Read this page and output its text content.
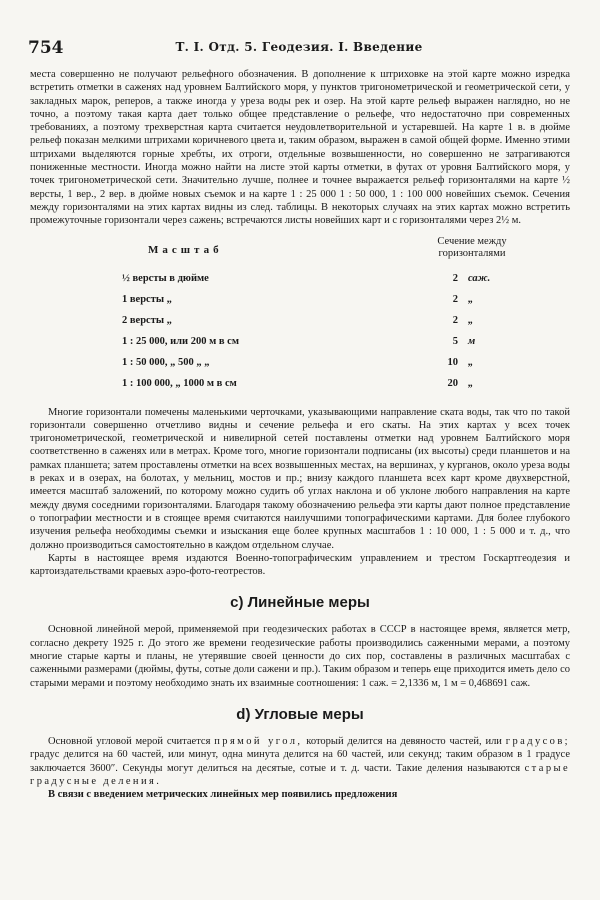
754	Т. I. Отд. 5. Геодезия. I. Введение

места совершенно не получают рельефного обозначения. В дополнение к штриховке на этой карте можно изредка встретить отметки в саженях над уровнем Балтийского моря, у пунктов тригонометрической и геометрической сети, у закладных марок, реперов, а также иногда у уреза воды рек и озер. На этой карте рельеф выражен наглядно, но не точно, а поэтому такая карта дает только общее представление о рельефе, что недостаточно при современных требованиях, а поэтому трехверстная карта считается неудовлетворительной и устаревшей. На карте 1 в. в дюйме рельеф показан мелкими штрихами коричневого цвета и, таким образом, выражен в самой общей форме. Именно этими штрихами выделяются горные хребты, их отроги, отдельные возвышенности, но совершенно не затрагиваются пониженные местности. Иногда можно найти на листе этой карты отметки, в футах от уровня Балтийского моря, у точек тригонометрической сети. Значительно лучше, полнее и точнее выражается рельеф горизонталями на карте ½ версты, 1 вер., 2 вер. в дюйме новых съемок и на карте 1 : 25 000 1 : 50 000, 1 : 100 000 новейших съемок. Сечения между горизонталями на этих картах видны из след. таблицы. В некоторых случаях на этих картах можно встретить промежуточные горизонтали через сажень; встречаются листы новейших карт и с горизонталями через 2½ м.

Масштаб
Сечение между
горизонталями
½ версты в дюйме	2 саж.
1 версты „	2 „
2 версты „	2 „
1 : 25 000, или 200 м в см	5 м
1 : 50 000, „ 500 „ „	10 „
1 : 100 000, „ 1000 м в см	20 „

Многие горизонтали помечены маленькими черточками, указывающими направление ската воды, так что по такой горизонтали совершенно отчетливо видны и сечение рельефа и его скаты. На этих картах у всех точек тригонометрической, геометрической и нивелирной сетей поставлены отметки над уровнем Балтийского моря соответственно в саженях или в метрах. Кроме того, многие горизонтали подписаны (их высоты) среди планшетов и на рамках планшета; затем проставлены отметки на всех возвышенных местах, на вершинах, у курганов, около уреза воды в реках и в озерах, на болотах, у мельниц, мостов и пр.; внизу каждого планшета всех карт кроме двухверстной, имеется масштаб заложений, по которому можно судить об углах наклона и об уклоне любого направления на карте между двумя соседними горизонталями. Благодаря такому обозначению рельефа эти карты дают полное представление о топографии местности и в стоящее время считаются наилучшими топографическими картами. Для более глубокого изучения рельефа необходимы съемки и изыскания еще более крупных масштабов 1 : 10 000, 1 : 5 000 и т. д., что должно производиться самостоятельно в каждом отдельном случае.

Карты в настоящее время издаются Военно-топографическим управлением и трестом Госкартгеодезия и картоиздательствами краевых аэро-фото-геотрестов.

c) Линейные меры

Основной линейной мерой, применяемой при геодезических работах в СССР в настоящее время, является метр, согласно декрету 1925 г. До этого же времени геодезические работы производились саженными мерами, а поэтому многие старые карты и планы, не утерявшие своей ценности до сих пор, составлены в различных масштабах с саженными размерами (дюймы, футы, сотые доли сажени и пр.). Таким образом и теперь еще приходится иметь дело со старыми мерами и поэтому необходимо знать их взаимные соотношения: 1 саж. = 2,1336 м, 1 м = 0,468691 саж.

d) Угловые меры

Основной угловой мерой считается прямой угол, который делится на девяносто частей, или градусов; градус делится на 60 частей, или минут, одна минута делится на 60 частей, или секунд; таким образом в 1 градусе заключается 3600″. Секунды могут делиться на десятые, сотые и т. д. части. Такие деления называются старые градусные деления.

В связи с введением метрических линейных мер появились предложения
